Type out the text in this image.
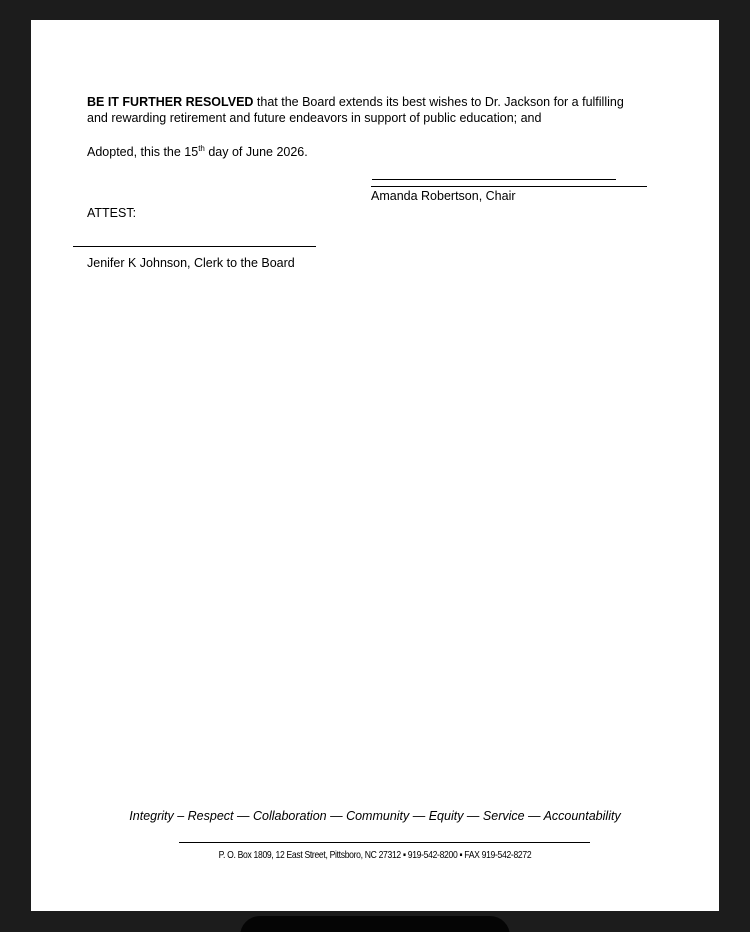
BE IT FURTHER RESOLVED that the Board extends its best wishes to Dr. Jackson for a fulfilling and rewarding retirement and future endeavors in support of public education; and
Adopted, this the 15th day of June 2026.
Amanda Robertson, Chair
ATTEST:
Jenifer K Johnson, Clerk to the Board
Integrity – Respect — Collaboration — Community — Equity — Service — Accountability
P. O. Box 1809, 12 East Street, Pittsboro, NC 27312 ▪ 919-542-8200 ▪ FAX 919-542-8272
